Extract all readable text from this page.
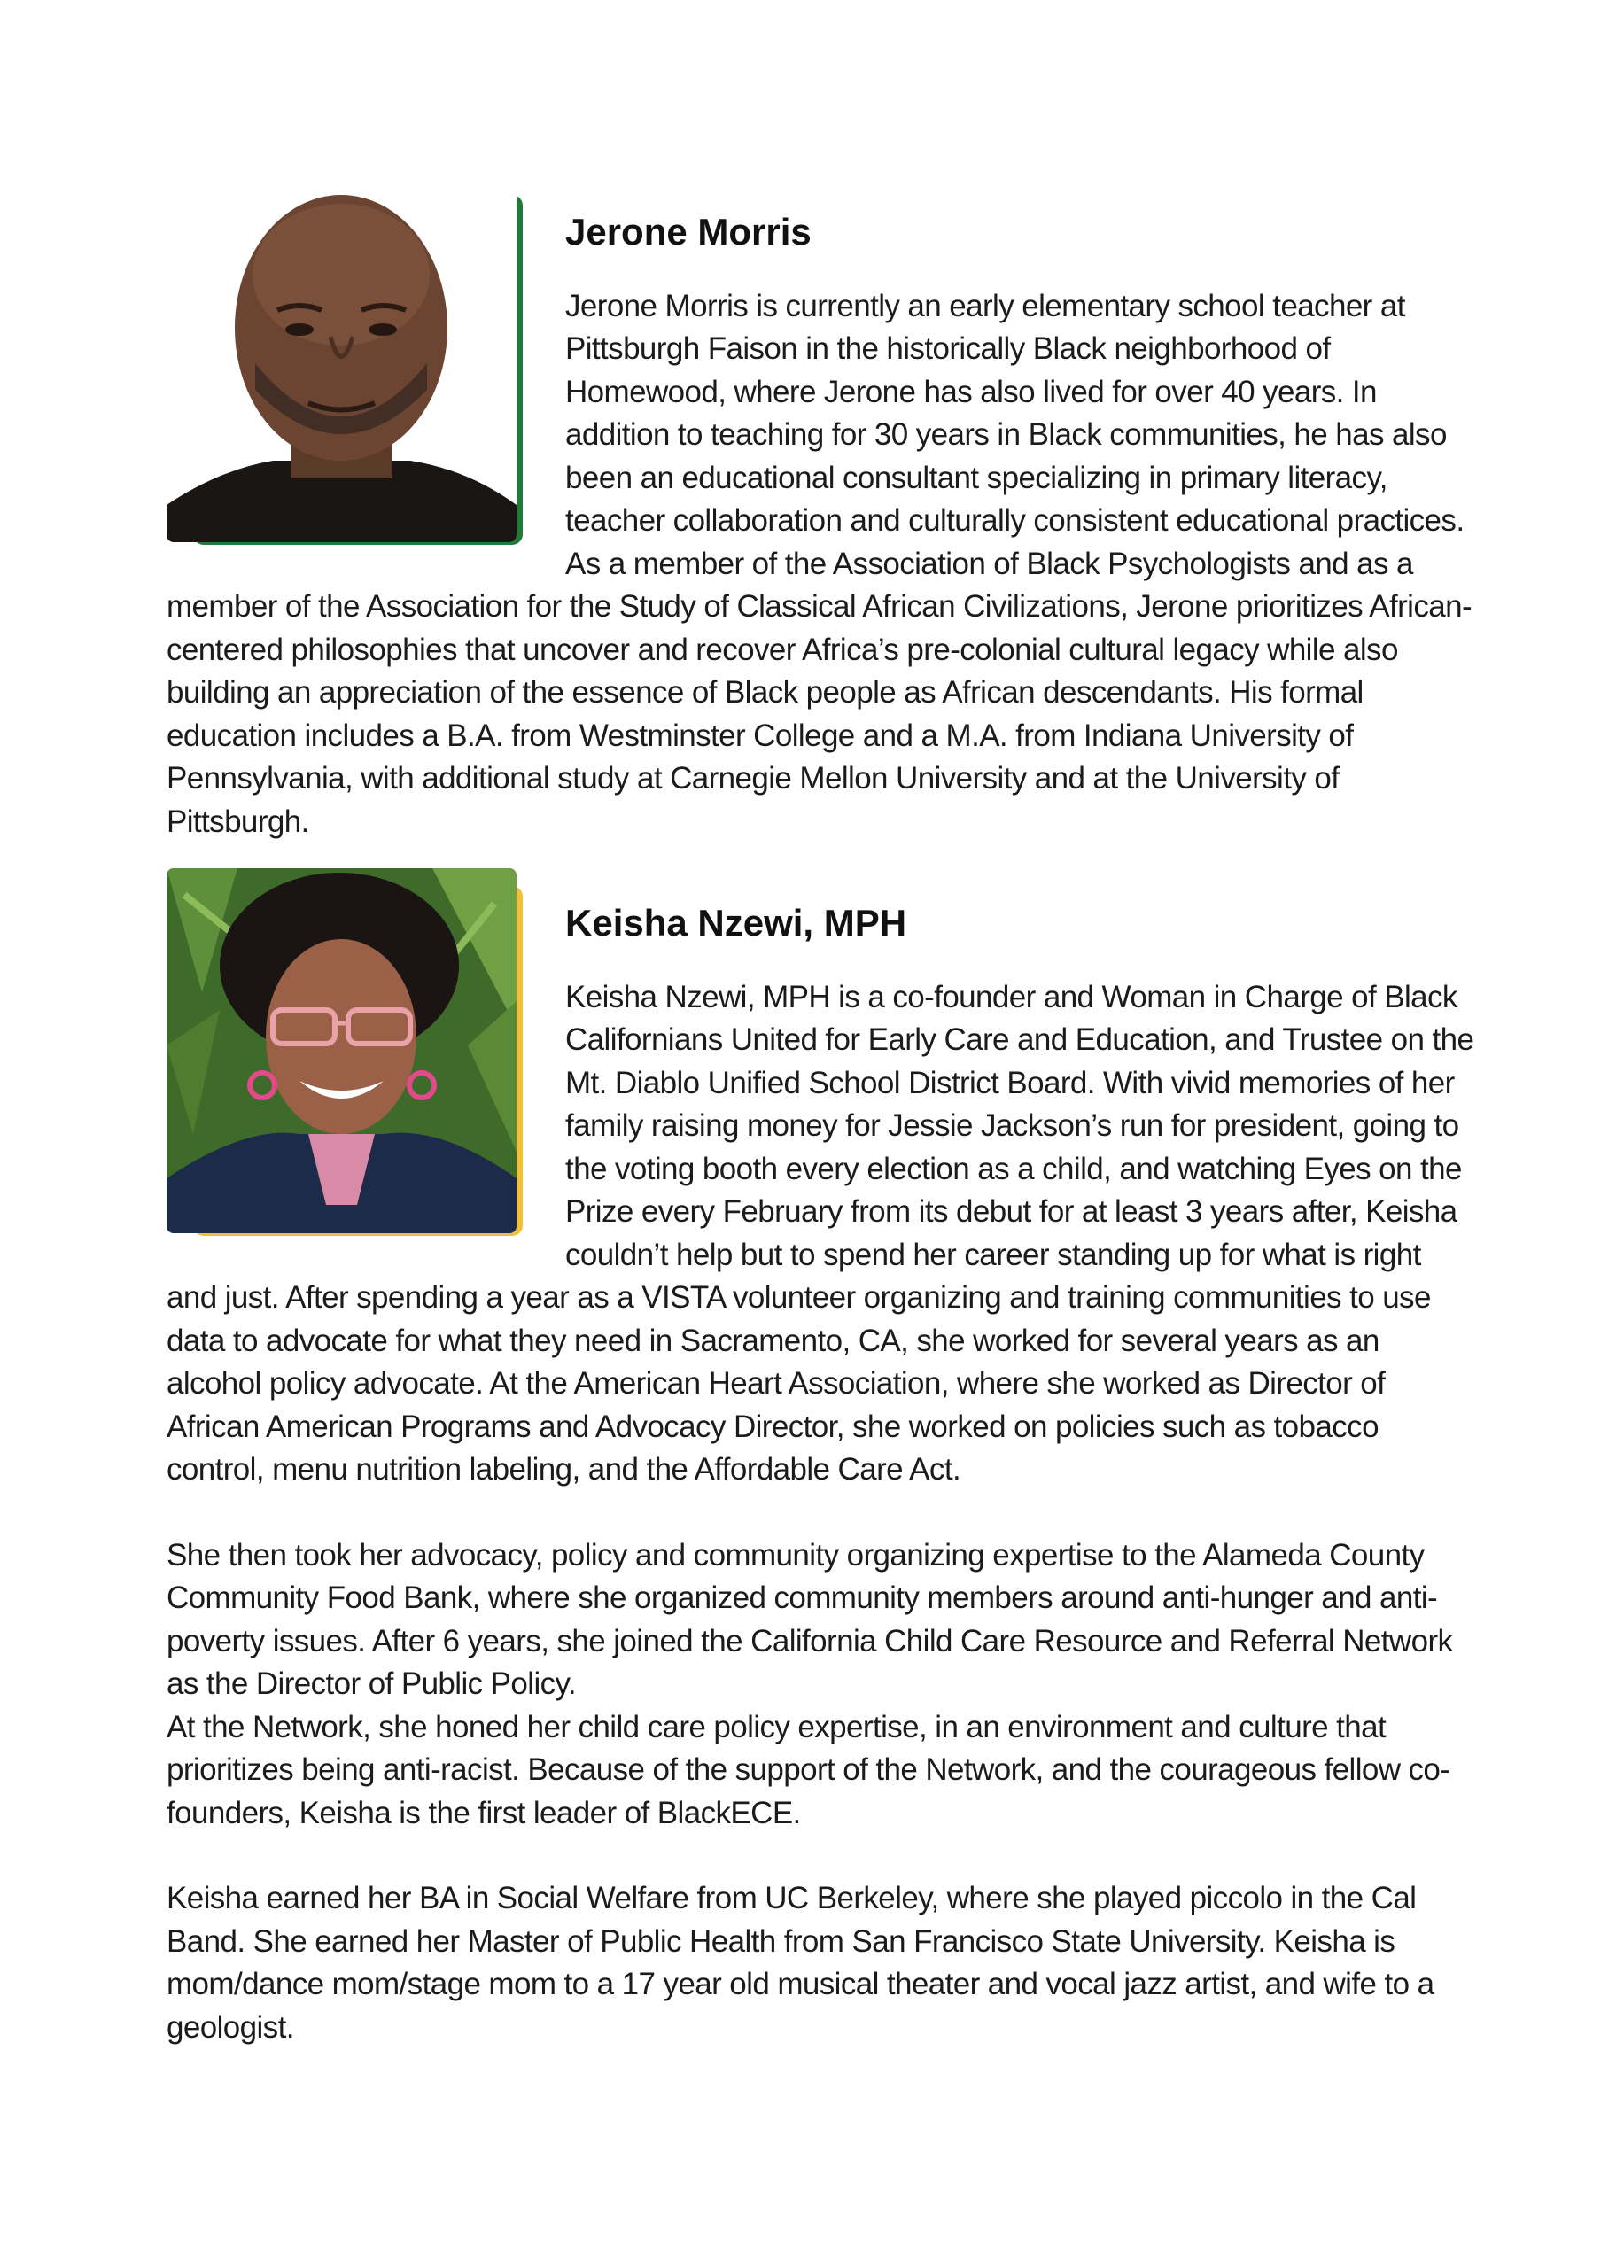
Jerone Morris

Jerone Morris is currently an early elementary school teacher at Pittsburgh Faison in the historically Black neighborhood of Homewood, where Jerone has also lived for over 40 years. In addition to teaching for 30 years in Black communities, he has also been an educational consultant specializing in primary literacy, teacher collaboration and culturally consistent educational practices. As a member of the Association of Black Psychologists and as a member of the Association for the Study of Classical African Civilizations, Jerone prioritizes African-centered philosophies that uncover and recover Africa’s pre-colonial cultural legacy while also building an appreciation of the essence of Black people as African descendants. His formal education includes a B.A. from Westminster College and a M.A. from Indiana University of Pennsylvania, with additional study at Carnegie Mellon University and at the University of Pittsburgh.

Keisha Nzewi, MPH

Keisha Nzewi, MPH is a co-founder and Woman in Charge of Black Californians United for Early Care and Education, and Trustee on the Mt. Diablo Unified School District Board. With vivid memories of her family raising money for Jessie Jackson’s run for president, going to the voting booth every election as a child, and watching Eyes on the Prize every February from its debut for at least 3 years after, Keisha couldn’t help but to spend her career standing up for what is right and just. After spending a year as a VISTA volunteer organizing and training communities to use data to advocate for what they need in Sacramento, CA, she worked for several years as an alcohol policy advocate. At the American Heart Association, where she worked as Director of African American Programs and Advocacy Director, she worked on policies such as tobacco control, menu nutrition labeling, and the Affordable Care Act.

She then took her advocacy, policy and community organizing expertise to the Alameda County Community Food Bank, where she organized community members around anti-hunger and anti-poverty issues. After 6 years, she joined the California Child Care Resource and Referral Network as the Director of Public Policy.

At the Network, she honed her child care policy expertise, in an environment and culture that prioritizes being anti-racist. Because of the support of the Network, and the courageous fellow co-founders, Keisha is the first leader of BlackECE.

Keisha earned her BA in Social Welfare from UC Berkeley, where she played piccolo in the Cal Band. She earned her Master of Public Health from San Francisco State University. Keisha is mom/dance mom/stage mom to a 17 year old musical theater and vocal jazz artist, and wife to a geologist.
